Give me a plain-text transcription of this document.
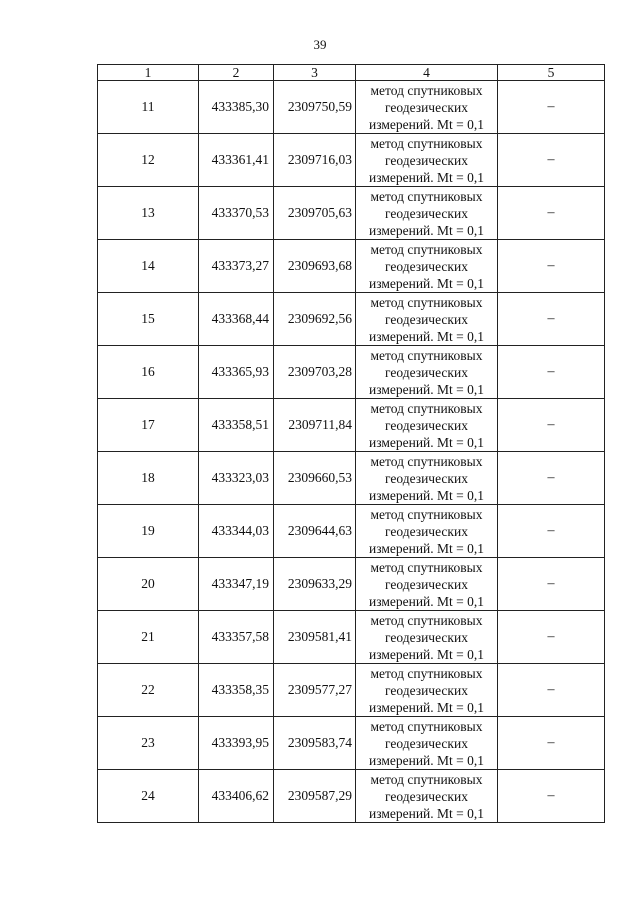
39
1	2	3	4	5
11	433385,30	2309750,59	метод спутниковых
геодезических
измерений. Mt = 0,1	–
12	433361,41	2309716,03	метод спутниковых
геодезических
измерений. Mt = 0,1	–
13	433370,53	2309705,63	метод спутниковых
геодезических
измерений. Mt = 0,1	–
14	433373,27	2309693,68	метод спутниковых
геодезических
измерений. Mt = 0,1	–
15	433368,44	2309692,56	метод спутниковых
геодезических
измерений. Mt = 0,1	–
16	433365,93	2309703,28	метод спутниковых
геодезических
измерений. Mt = 0,1	–
17	433358,51	2309711,84	метод спутниковых
геодезических
измерений. Mt = 0,1	–
18	433323,03	2309660,53	метод спутниковых
геодезических
измерений. Mt = 0,1	–
19	433344,03	2309644,63	метод спутниковых
геодезических
измерений. Mt = 0,1	–
20	433347,19	2309633,29	метод спутниковых
геодезических
измерений. Mt = 0,1	–
21	433357,58	2309581,41	метод спутниковых
геодезических
измерений. Mt = 0,1	–
22	433358,35	2309577,27	метод спутниковых
геодезических
измерений. Mt = 0,1	–
23	433393,95	2309583,74	метод спутниковых
геодезических
измерений. Mt = 0,1	–
24	433406,62	2309587,29	метод спутниковых
геодезических
измерений. Mt = 0,1	–
